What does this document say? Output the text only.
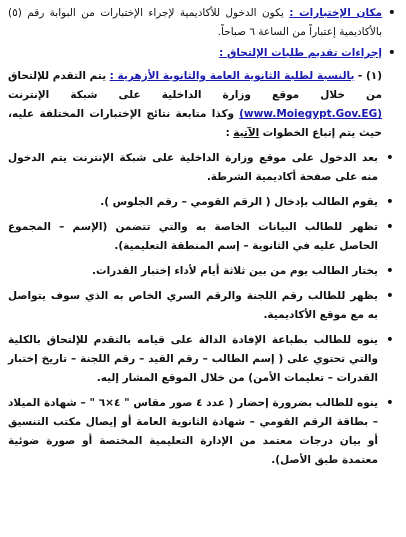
•
مكان الإختبارات : يكون الدخول للأكاديمية لإجراء الإختبارات من البوابة رقم (٥) بالأكاديمية إعتباراً من الساعة ٦ صباحاً.
•
إجراءات تقديم طلبات الإلتحاق :
(١) - بالنسبة لطلبة الثانوية العامة والثانوية الأزهرية : يتم التقدم للإلتحاق من خلال موقع وزارة الداخلية على شبكة الإنترنت (www.Moiegypt.Gov.EG) وكذا متابعة نتائج الإختبارات المختلفة عليه، حيث يتم إتباع الخطوات الآتية :
•
بعد الدخول على موقع وزارة الداخلية على شبكة الإنترنت يتم الدخول منه على صفحة أكاديمية الشرطة.
•
يقوم الطالب بإدخال ( الرقم القومي – رقم الجلوس ).
•
تظهر للطالب البيانات الخاصة به والتي تتضمن (الإسم – المجموع الحاصل عليه في الثانوية – إسم المنطقة التعليمية).
•
يختار الطالب يوم من بين ثلاثة أيام لأداء إختبار القدرات.
•
يظهر للطالب رقم اللجنة والرقم السري الخاص به الذي سوف يتواصل به مع موقع الأكاديمية.
•
ينوه للطالب بطباعة الإفادة الدالة على قيامه بالتقدم للإلتحاق بالكلية والتي تحتوي على ( إسم الطالب – رقم القيد – رقم اللجنة – تاريخ إختبار القدرات – تعليمات الأمن) من خلال الموقع المشار إليه.
•
ينوه للطالب بضرورة إحضار ( عدد ٤ صور مقاس " ٤×٦ " – شهادة الميلاد – بطاقة الرقم القومي – شهادة الثانوية العامة أو إيصال مكتب التنسيق أو بيان درجات معتمد من الإدارة التعليمية المختصة أو صورة ضوئية معتمدة طبق الأصل).
